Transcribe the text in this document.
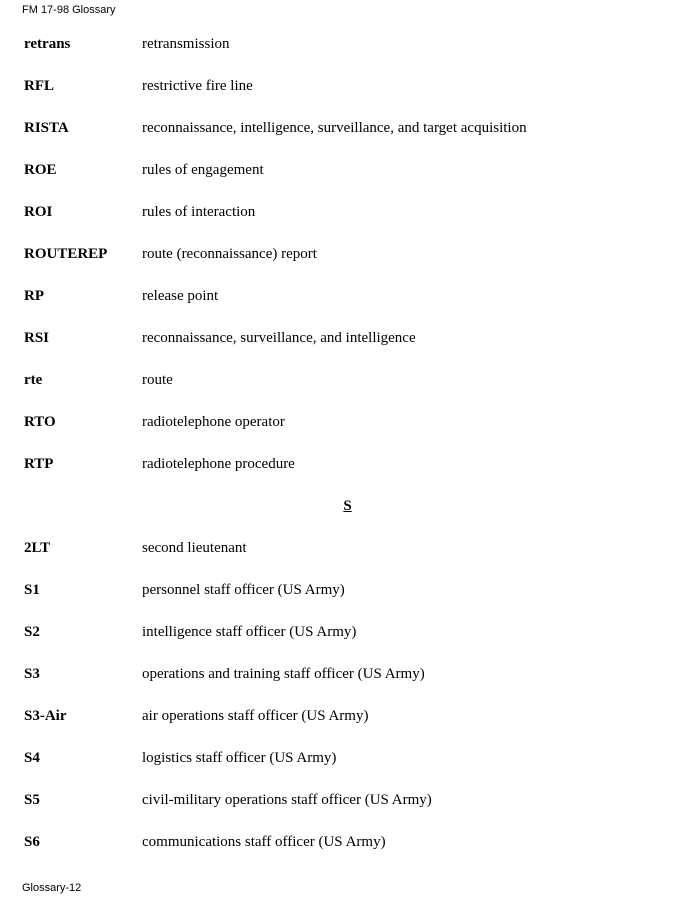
FM 17-98 Glossary
retrans	retransmission
RFL	restrictive fire line
RISTA	reconnaissance, intelligence, surveillance, and target acquisition
ROE	rules of engagement
ROI	rules of interaction
ROUTEREP	route (reconnaissance) report
RP	release point
RSI	reconnaissance, surveillance, and intelligence
rte	route
RTO	radiotelephone operator
RTP	radiotelephone procedure
S
2LT	second lieutenant
S1	personnel staff officer (US Army)
S2	intelligence staff officer (US Army)
S3	operations and training staff officer (US Army)
S3-Air	air operations staff officer (US Army)
S4	logistics staff officer (US Army)
S5	civil-military operations staff officer (US Army)
S6	communications staff officer (US Army)
Glossary-12
